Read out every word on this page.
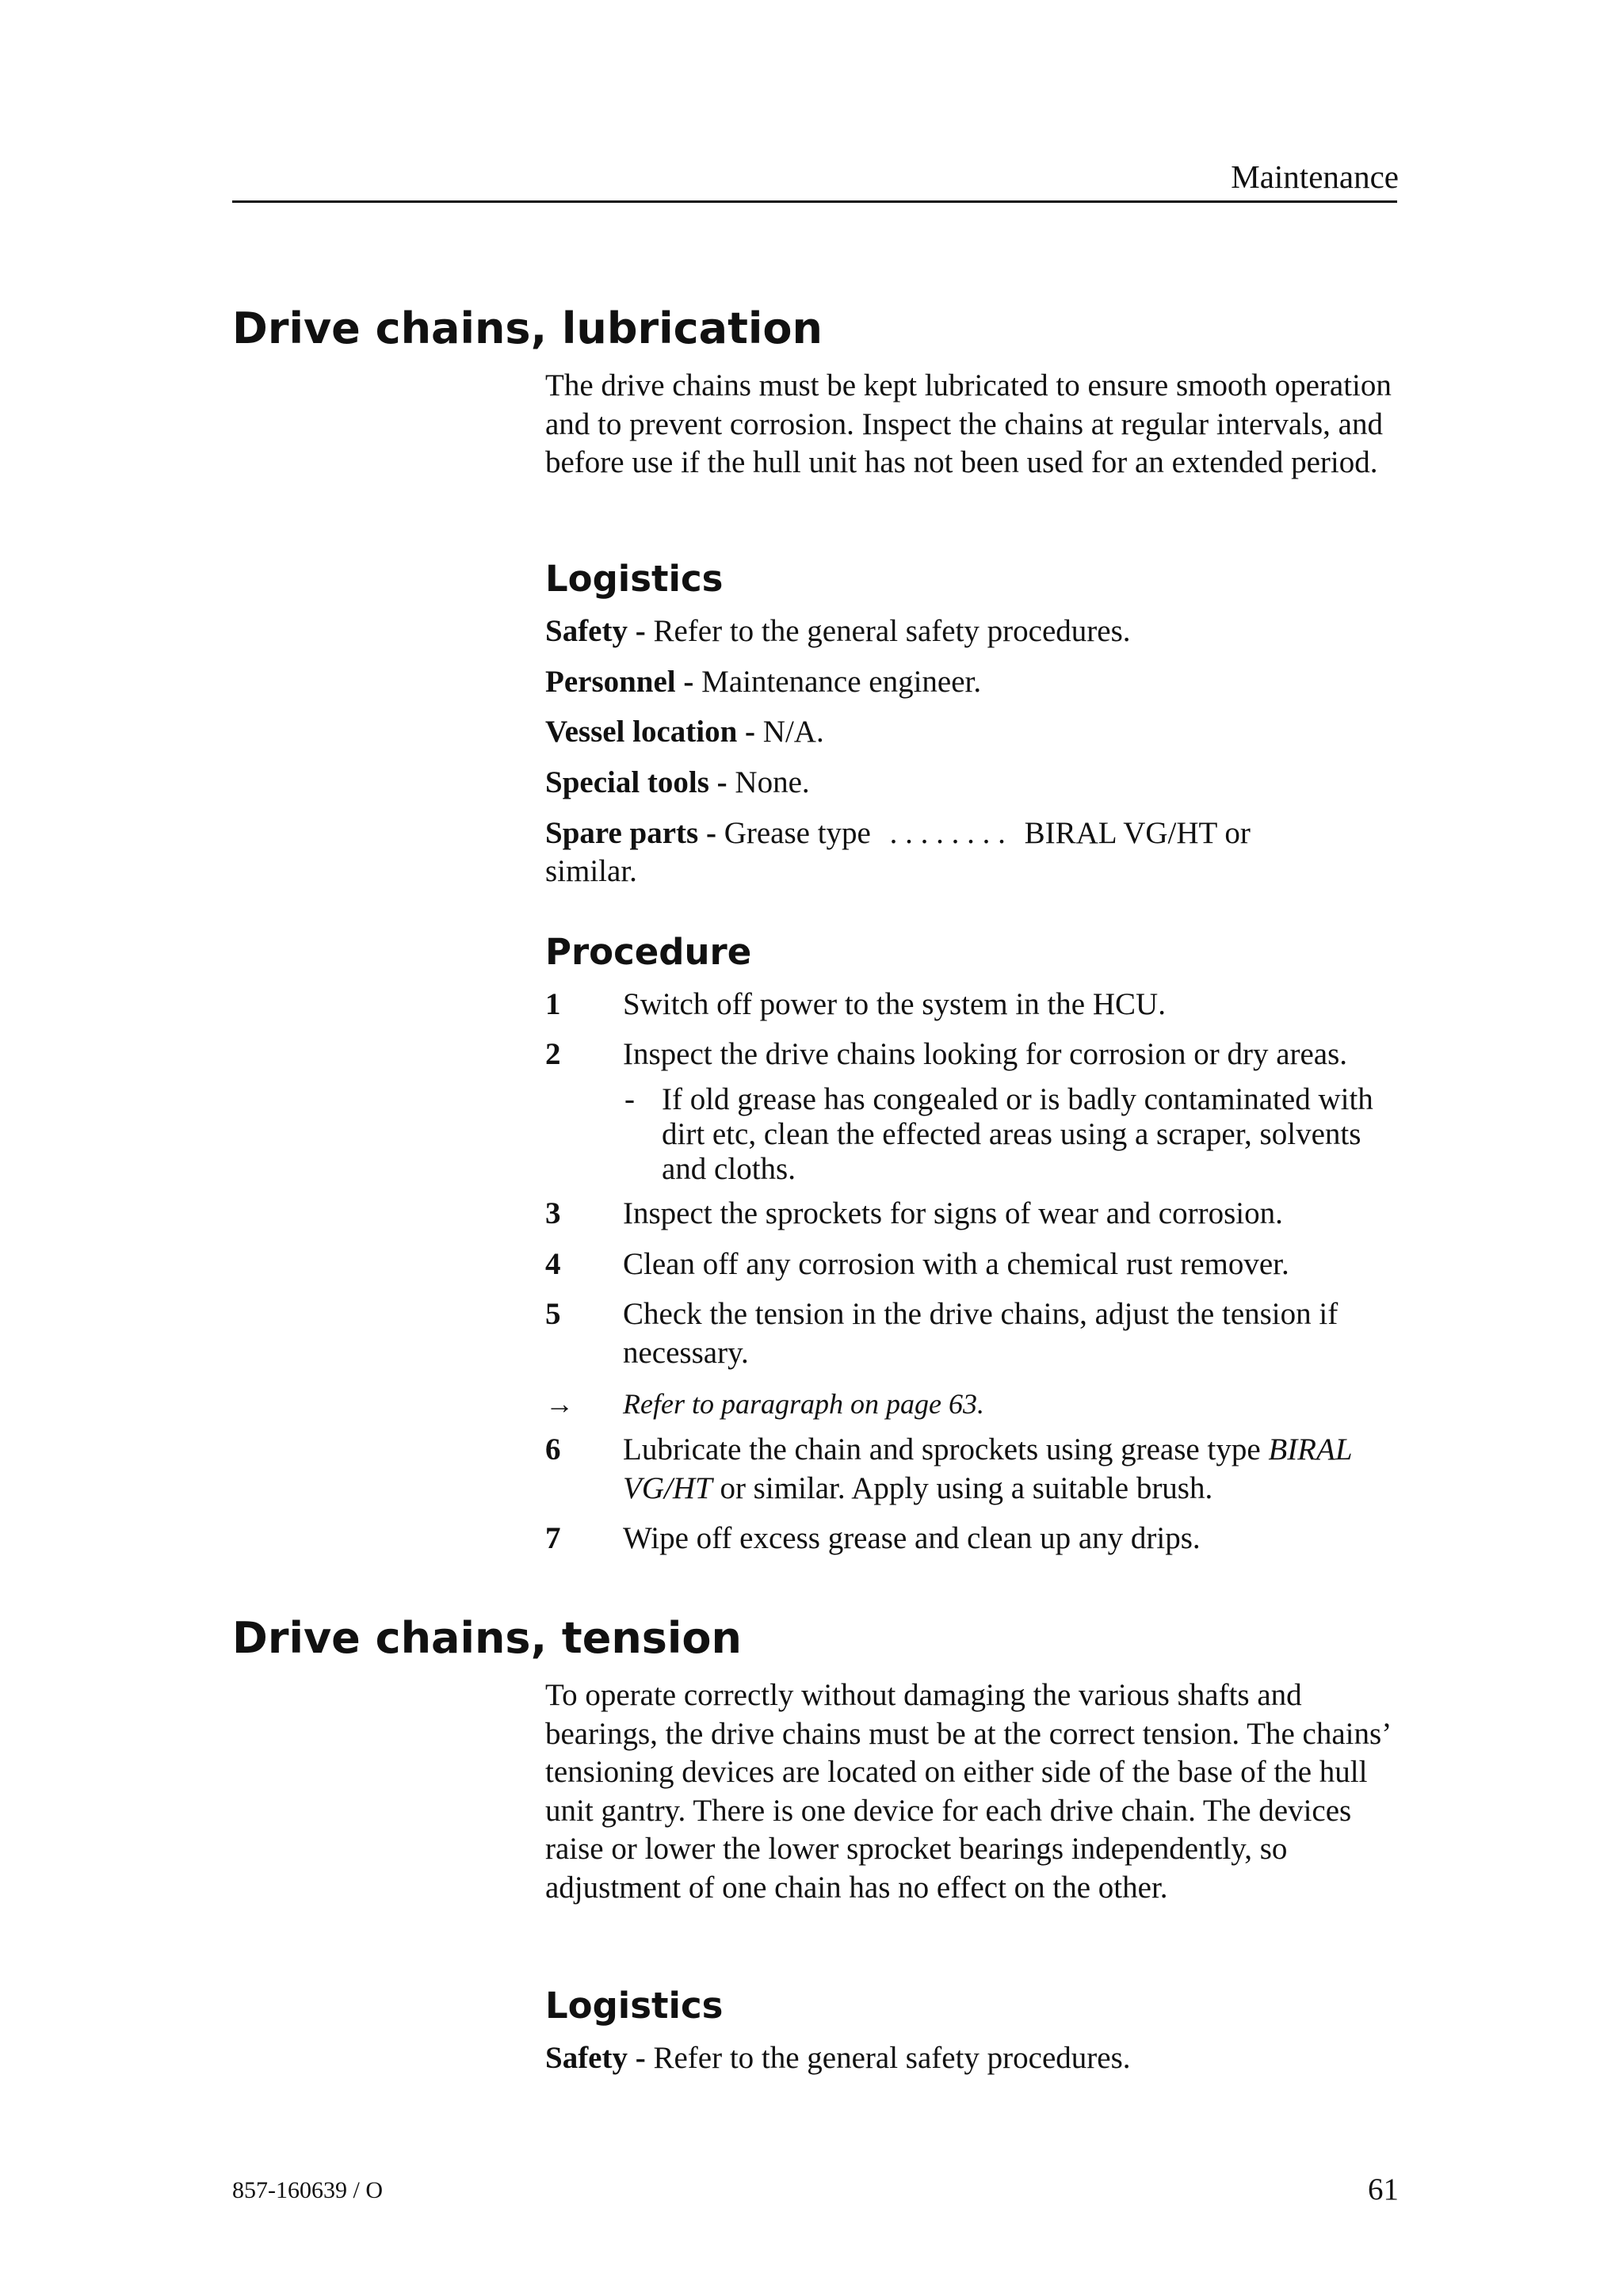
Maintenance
Drive chains, lubrication
The drive chains must be kept lubricated to ensure smooth operation and to prevent corrosion. Inspect the chains at regular intervals, and before use if the hull unit has not been used for an extended period.
Logistics
Safety - Refer to the general safety procedures.
Personnel - Maintenance engineer.
Vessel location - N/A.
Special tools - None.
Spare parts - Grease type . . . . . . . . BIRAL VG/HT or
similar.
Procedure
1 Switch off power to the system in the HCU.
2 Inspect the drive chains looking for corrosion or dry areas.
- If old grease has congealed or is badly contaminated with dirt etc, clean the effected areas using a scraper, solvents and cloths.
3 Inspect the sprockets for signs of wear and corrosion.
4 Clean off any corrosion with a chemical rust remover.
5 Check the tension in the drive chains, adjust the tension if necessary.
→ Refer to paragraph on page 63.
6 Lubricate the chain and sprockets using grease type BIRAL VG/HT or similar. Apply using a suitable brush.
7 Wipe off excess grease and clean up any drips.
Drive chains, tension
To operate correctly without damaging the various shafts and bearings, the drive chains must be at the correct tension. The chains’ tensioning devices are located on either side of the base of the hull unit gantry. There is one device for each drive chain. The devices raise or lower the lower sprocket bearings independently, so adjustment of one chain has no effect on the other.
Logistics
Safety - Refer to the general safety procedures.
857-160639 / O	61
